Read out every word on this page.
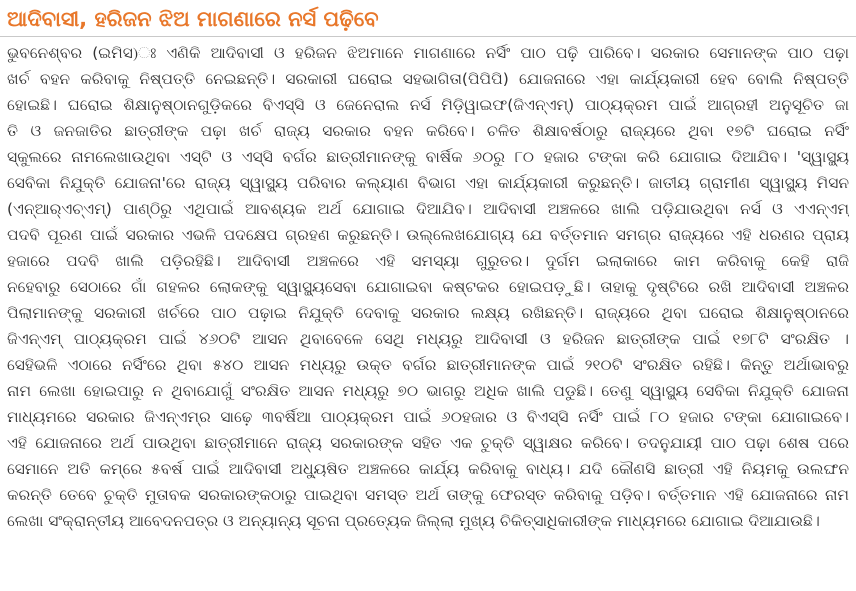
ଆଦିବାସୀ, ହରିଜନ ଝିଅ ମାଗଣାରେ ନର୍ସ ପଢ଼ିବେ
ଭୁବନେଶ୍ବର (ଇମିସ)ଃ ଏଣିକି ଆଦିବାସୀ ଓ ହରିଜନ ଝିଅମାନେ ମାଗଣାରେ ନର୍ସିଂ ପାଠ ପଢ଼ି ପାରିବେ। ସରକାର ସେମାନଙ୍କ ପାଠ ପଢ଼ା
ଖର୍ଚ ବହନ କରିବାକୁ ନିଷ୍ପତ୍ତି ନେଇଛନ୍ତି। ସରକାରୀ ଘରୋଇ ସହଭାଗିତା(ପିପିପି) ଯୋଜନାରେ ଏହା କାର୍ଯ୍ୟକାରୀ ହେବ ବୋଲି ନିଷ୍ପତ୍ତି
ହୋଇଛି। ଘରୋଇ ଶିକ୍ଷାନୁଷ୍ଠାନଗୁଡ଼ିକରେ ବିଏସ୍‌ସି ଓ ଜେନେରାଲ ନର୍ସ ମିଡ଼ିୱାଇଫ(ଜିଏନ୍‌ଏମ୍‌) ପାଠ୍ୟକ୍ରମ ପାଇଁ ଆଗ୍ରହୀ ଅନୁସୂଚିତ ଜା
ତି ଓ ଜନଜାତିର ଛାତ୍ରୀଙ୍କ ପଢ଼ା ଖର୍ଚ ରାଜ୍ୟ ସରକାର ବହନ କରିବେ। ଚଳିତ ଶିକ୍ଷାବର୍ଷଠାରୁ ରାଜ୍ୟରେ ଥିବା ୧୭ଟି ଘରୋଇ ନର୍ସିଂ
ସ୍କୁଲରେ ନାମଲେଖାଉଥିବା ଏସ୍‌ଟି ଓ ଏସ୍‌ସି ବର୍ଗର ଛାତ୍ରୀମାନଙ୍କୁ ବାର୍ଷିକ ୬୦ରୁ ୮୦ ହଜାର ଟଙ୍କା କରି ଯୋଗାଇ ଦିଆଯିବ। 'ସ୍ୱାସ୍ଥ୍ୟ
ସେବିକା ନିଯୁକ୍ତି ଯୋଜନା'ରେ ରାଜ୍ୟ ସ୍ୱାସ୍ଥ୍ୟ ପରିବାର କଲ୍ୟାଣ ବିଭାଗ ଏହା କାର୍ଯ୍ୟକାରୀ କରୁଛନ୍ତି। ଜାତୀୟ ଗ୍ରାମୀଣ ସ୍ୱାସ୍ଥ୍ୟ ମିସନ
(ଏନ୍‌ଆର୍‌ଏଚ୍‌ଏମ୍‌) ପାଣ୍ଠିରୁ ଏଥିପାଇଁ ଆବଶ୍ୟକ ଅର୍ଥ ଯୋଗାଇ ଦିଆଯିବ। ଆଦିବାସୀ ଅଞ୍ଚଳରେ ଖାଲି ପଡ଼ିଯାଉଥିବା ନର୍ସ ଓ ଏଏନ୍‌ଏମ୍‌
ପଦବି ପୂରଣ ପାଇଁ ସରକାର ଏଭଳି ପଦକ୍ଷେପ ଗ୍ରହଣ କରୁଛନ୍ତି। ଉଲ୍ଲେଖଯୋଗ୍ୟ ଯେ ବର୍ତ୍ତମାନ ସମଗ୍ର ରାଜ୍ୟରେ ଏହି ଧରଣର ପ୍ରାୟ
ହଜାରେ ପଦବି ଖାଲି ପଡ଼ିରହିଛି। ଆଦିବାସୀ ଅଞ୍ଚଳରେ ଏହି ସମସ୍ୟା ଗୁରୁତର। ଦୁର୍ଗମ ଇଲାକାରେ କାମ କରିବାକୁ କେହି ରାଜି
ନହେବାରୁ ସେଠାରେ ଗାଁ ଗହଳର ଲୋକଙ୍କୁ ସ୍ୱାସ୍ଥ୍ୟସେବା ଯୋଗାଇବା କଷ୍ଟକର ହୋଇପଡ଼ୁଛି। ତାହାକୁ ଦୃଷ୍ଟିରେ ରଖି ଆଦିବାସୀ ଅଞ୍ଚଳର
ପିଲାମାନଙ୍କୁ ସରକାରୀ ଖର୍ଚରେ ପାଠ ପଢ଼ାଇ ନିଯୁକ୍ତି ଦେବାକୁ ସରକାର ଲକ୍ଷ୍ୟ ରଖିଛନ୍ତି। ରାଜ୍ୟରେ ଥିବା ଘରୋଇ ଶିକ୍ଷାନୁଷ୍ଠାନରେ
ଜିଏନ୍‌ଏମ୍‌ ପାଠ୍ୟକ୍ରମ ପାଇଁ ୪୬୦ଟି ଆସନ ଥିବାବେଳେ ସେଥି ମଧ୍ୟରୁ ଆଦିବାସୀ ଓ ହରିଜନ ଛାତ୍ରୀଙ୍କ ପାଇଁ ୧୭୮ଟି ସଂରକ୍ଷିତ ।
ସେହିଭଳି ଏଠାରେ ନର୍ସିଂରେ ଥିବା ୫୪୦ ଆସନ ମଧ୍ୟରୁ ଉକ୍ତ ବର୍ଗର ଛାତ୍ରୀମାନଙ୍କ ପାଇଁ ୨୧୦ଟି ସଂରକ୍ଷିତ ରହିଛି। କିନ୍ତୁ ଅର୍ଥାଭାବରୁ
ନାମ ଲେଖା ହୋଇପାରୁ ନ ଥିବାଯୋଗୁଁ ସଂରକ୍ଷିତ ଆସନ ମଧ୍ୟରୁ ୭୦ ଭାଗରୁ ଅଧିକ ଖାଲି ପଡୁଛି। ତେଣୁ ସ୍ୱାସ୍ଥ୍ୟ ସେବିକା ନିଯୁକ୍ତି ଯୋଜନା
ମାଧ୍ୟମରେ ସରକାର ଜିଏନ୍‌ଏମ୍‌ର ସାଢ଼େ ୩ବର୍ଷିଆ ପାଠ୍ୟକ୍ରମ ପାଇଁ ୬୦ହଜାର ଓ ବିଏସ୍‌ସି ନର୍ସିଂ ପାଇଁ ୮୦ ହଜାର ଟଙ୍କା ଯୋଗାଇବେ।
ଏହି ଯୋଜନାରେ ଅର୍ଥ ପାଉଥିବା ଛାତ୍ରୀମାନେ ରାଜ୍ୟ ସରକାରଙ୍କ ସହିତ ଏକ ଚୁକ୍ତି ସ୍ୱାକ୍ଷର କରିବେ। ତଦନୁଯାୟୀ ପାଠ ପଢ଼ା ଶେଷ ପରେ
ସେମାନେ ଅତି କମ୍‌ରେ ୫ବର୍ଷ ପାଇଁ ଆଦିବାସୀ ଅଧ୍ୟୁଷିତ ଅଞ୍ଚଳରେ କାର୍ଯ୍ୟ କରିବାକୁ ବାଧ୍ୟ। ଯଦି କୌଣସି ଛାତ୍ରୀ ଏହି ନିୟମକୁ ଉଲଙ୍ଘନ
କରନ୍ତି ତେବେ ଚୁକ୍ତି ମୁତାବକ ସରକାରଙ୍କଠାରୁ ପାଇଥିବା ସମସ୍ତ ଅର୍ଥ ତାଙ୍କୁ ଫେରସ୍ତ କରିବାକୁ ପଡ଼ିବ। ବର୍ତ୍ତମାନ ଏହି ଯୋଜନାରେ ନାମ
ଲେଖା ସଂକ୍ରାନ୍ତୀୟ ଆବେଦନପତ୍ର ଓ ଅନ୍ୟାନ୍ୟ ସୂଚନା ପ୍ରତ୍ୟେକ ଜିଲ୍ଲା ମୁଖ୍ୟ ଚିକିତ୍ସାଧିକାରୀଙ୍କ ମାଧ୍ୟମରେ ଯୋଗାଇ ଦିଆଯାଉଛି।
